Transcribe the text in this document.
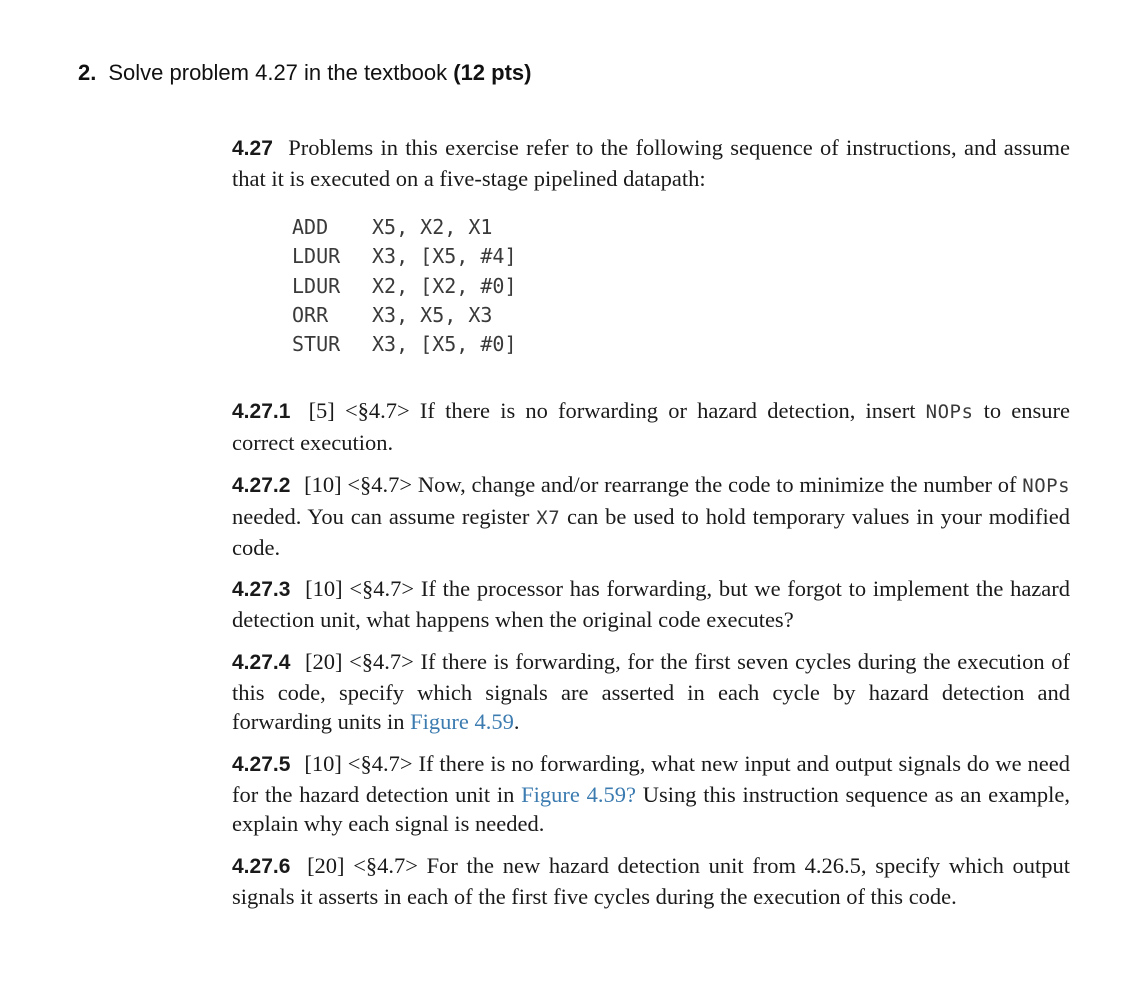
2. Solve problem 4.27 in the textbook (12 pts)
4.27 Problems in this exercise refer to the following sequence of instructions, and assume that it is executed on a five-stage pipelined datapath:
ADD X5, X2, X1
LDUR X3, [X5, #4]
LDUR X2, [X2, #0]
ORR X3, X5, X3
STUR X3, [X5, #0]
4.27.1 [5] <§4.7> If there is no forwarding or hazard detection, insert NOPs to ensure correct execution.
4.27.2 [10] <§4.7> Now, change and/or rearrange the code to minimize the number of NOPs needed. You can assume register X7 can be used to hold temporary values in your modified code.
4.27.3 [10] <§4.7> If the processor has forwarding, but we forgot to implement the hazard detection unit, what happens when the original code executes?
4.27.4 [20] <§4.7> If there is forwarding, for the first seven cycles during the execution of this code, specify which signals are asserted in each cycle by hazard detection and forwarding units in Figure 4.59.
4.27.5 [10] <§4.7> If there is no forwarding, what new input and output signals do we need for the hazard detection unit in Figure 4.59? Using this instruction sequence as an example, explain why each signal is needed.
4.27.6 [20] <§4.7> For the new hazard detection unit from 4.26.5, specify which output signals it asserts in each of the first five cycles during the execution of this code.
